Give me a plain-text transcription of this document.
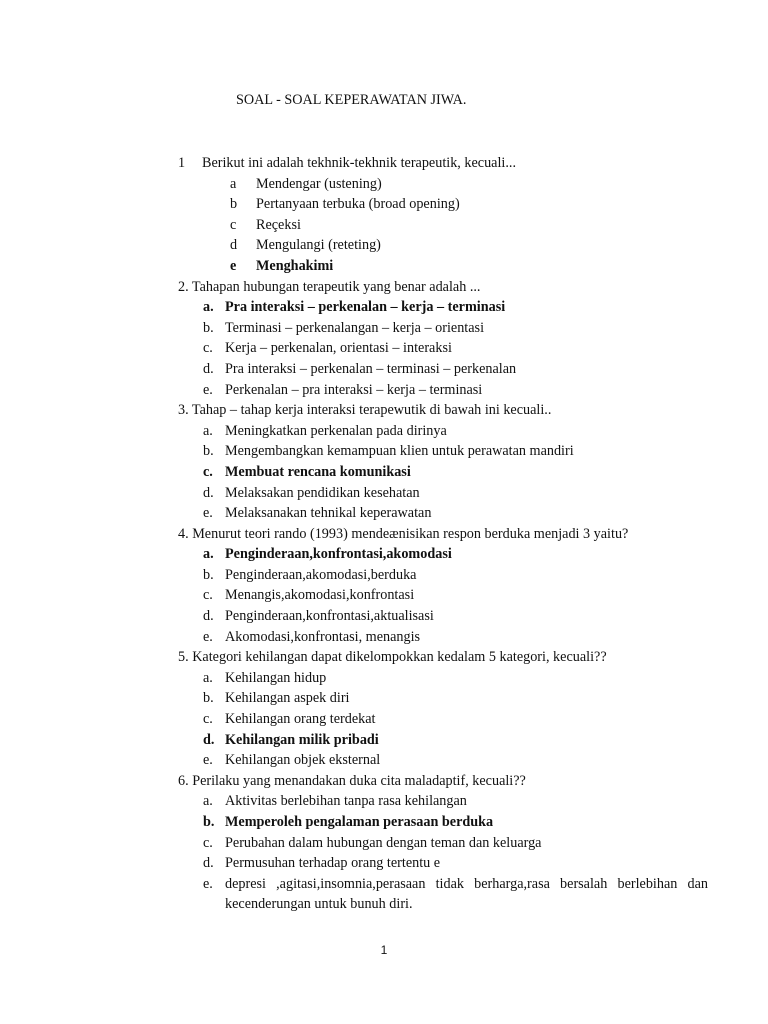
SOAL - SOAL KEPERAWATAN JIWA.
1	Berikut ini adalah tekhnik-tekhnik terapeutik, kecuali...
a	Mendengar (ustening)
b	Pertanyaan terbuka (broad opening)
c	Reçeksi
d	Mengulangi (reteting)
e	Menghakimi
2. Tahapan hubungan terapeutik yang benar adalah ...
a. Pra interaksi – perkenalan – kerja – terminasi
b. Terminasi – perkenalangan – kerja – orientasi
c. Kerja – perkenalan, orientasi – interaksi
d. Pra interaksi – perkenalan – terminasi – perkenalan
e. Perkenalan – pra interaksi – kerja – terminasi
3. Tahap – tahap kerja interaksi terapewutik di bawah ini kecuali..
a. Meningkatkan perkenalan pada dirinya
b. Mengembangkan kemampuan klien untuk perawatan mandiri
c. Membuat rencana komunikasi
d. Melaksakan pendidikan kesehatan
e. Melaksanakan tehnikal keperawatan
4. Menurut teori rando (1993) mendeænisikan respon berduka menjadi 3 yaitu?
a. Penginderaan,konfrontasi,akomodasi
b. Penginderaan,akomodasi,berduka
c. Menangis,akomodasi,konfrontasi
d. Penginderaan,konfrontasi,aktualisasi
e. Akomodasi,konfrontasi, menangis
5. Kategori kehilangan dapat dikelompokkan kedalam 5 kategori, kecuali??
a. Kehilangan hidup
b. Kehilangan aspek diri
c. Kehilangan orang terdekat
d. Kehilangan milik pribadi
e. Kehilangan objek eksternal
6. Perilaku yang menandakan duka cita maladaptif, kecuali??
a. Aktivitas berlebihan tanpa rasa kehilangan
b. Memperoleh pengalaman perasaan berduka
c. Perubahan dalam hubungan dengan teman dan keluarga
d. Permusuhan terhadap orang tertentu e
e. depresi ,agitasi,insomnia,perasaan tidak berharga,rasa bersalah berlebihan dan kecenderungan untuk bunuh diri.
1
